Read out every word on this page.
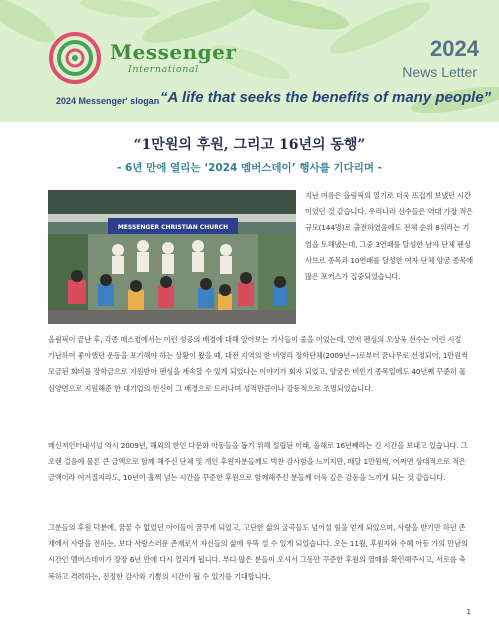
Messenger
International
2024
News Letter
2024 Messenger' slogan “A life that seeks the benefits of many people”
“1만원의 후원, 그리고 16년의 동행”
- 6년 만에 열리는 ‘2024 멤버스데이’ 행사를 기다리며 -
MESSENGER CHRISTIAN CHURCH
지난 여름은 올림픽의 열기로 더욱 뜨겁게 보냈던 시간이었던 것 같습니다. 우리나라 선수들은 역대 가장 적은 규모(144명)로 출전하였음에도 전체 순위 8위라는 기염을 토해냈는데, 그중 3연패를 달성한 남자 단체 펜싱 사브르 종목과 10연패를 달성한 여자 단체 양궁 종목에 많은 포커스가 집중되었습니다.
올림픽이 끝난 후, 각종 매스컴에서는 이런 성공의 배경에 대해 알아보는 기사들이 줄을 이었는데, 먼저 펜싱의 오상욱 선수는 어린 시절 가난하여 좋아했던 운동을 포기해야 하는 상황이 왔을 때, 대전 지역의 한 비영리 장학단체(2009년~)로부터 꿈나무로 선정되어, 1만원씩 모금된 회비를 장학금으로 지원받아 펜싱을 계속할 수 있게 되었다는 이야기가 회자 되었고, 양궁은 비인기 종목일에도 40년째 꾸준히 물심양면으로 지원해준 한 대기업의 헌신이 그 배경으로 드러나며 성적만큼이나 감동적으로 조명되었습니다.
메신저인터내셔널 역시 2009년, 해외의 한인 다문화 아동들을 돕기 위해 설립된 이래, 올해로 16년째라는 긴 시간을 보내고 있습니다. 그 오랜 걸음에 물론 큰 금액으로 함께 해주신 단체 및 개인 후원자분들께도 벅찬 감사함을 느끼지만, 매달 1만원씩, 어쩌면 상대적으로 적은 금액이라 여겨질지라도, 10년이 훌쩍 넘는 시간을 꾸준한 후원으로 함께해주신 분들께 더욱 깊은 감동을 느끼게 되는 것 같습니다.
그분들의 후원 덕분에, 꿈꿀 수 없었던 아이들이 꿈꾸게 되었고, 고단한 삶의 굴곡들도 넘어설 힘을 얻게 되었으며, 사랑을 받기만 하던 존재에서 사랑을 전하는, 보다 사랑스러운 존재로서 자신들의 삶에 우뚝 설 수 있게 되었습니다. 오는 11월, 후원자와 수혜 아동 가의 만남의 시간인 멤버스데이가 장장 6년 만에 다시 열리게 됩니다. 부디 많은 분들이 오셔서 그동안 꾸준한 후원의 열매를 확인해주시고, 서로를 축복하고 격려하는, 진정한 감사와 기쁨의 시간이 될 수 있기를 기대합니다.
1
